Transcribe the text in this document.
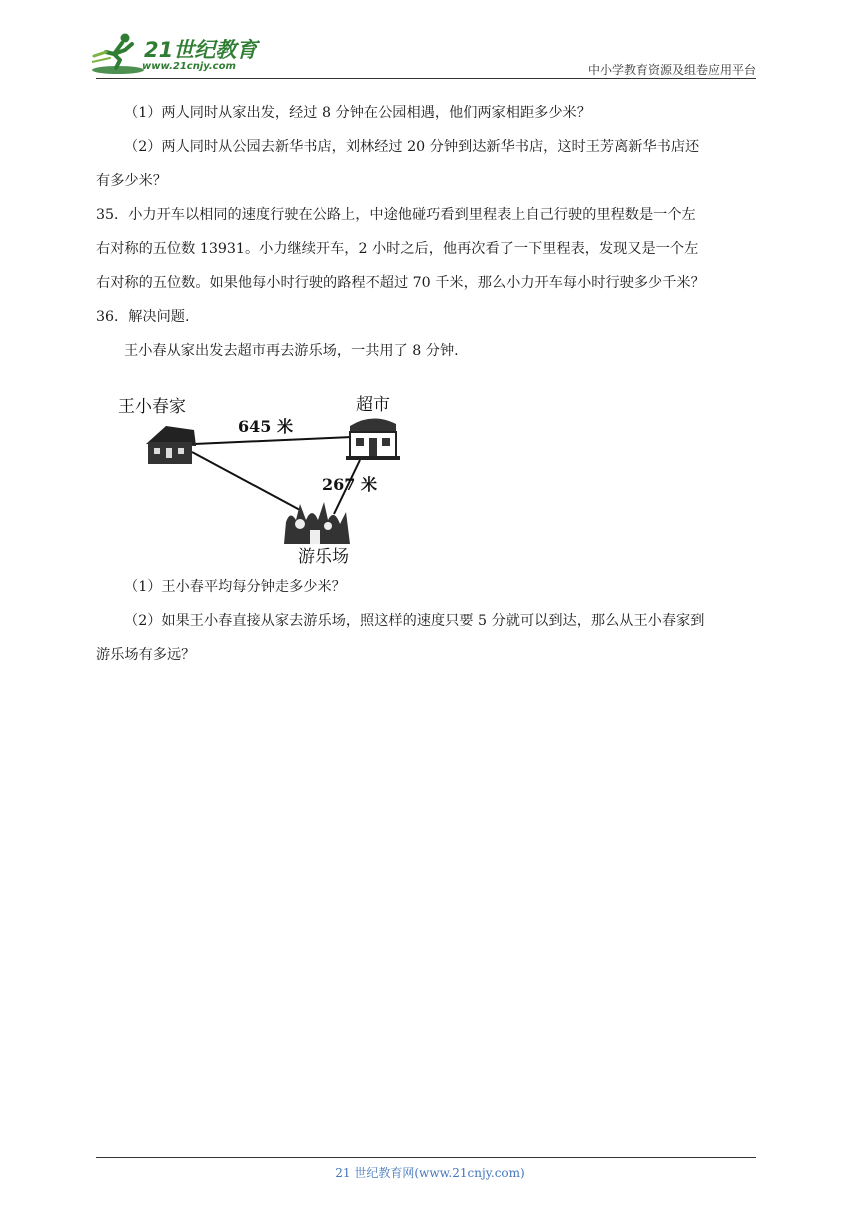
21世纪教育
www.21cnjy.com	中小学教育资源及组卷应用平台

（1）两人同时从家出发，经过 8 分钟在公园相遇，他们两家相距多少米？

（2）两人同时从公园去新华书店，刘林经过 20 分钟到达新华书店，这时王芳离新华书店还

有多少米？

35．小力开车以相同的速度行驶在公路上，中途他碰巧看到里程表上自己行驶的里程数是一个左

右对称的五位数 13931。小力继续开车，2 小时之后，他再次看了一下里程表，发现又是一个左

右对称的五位数。如果他每小时行驶的路程不超过 70 千米，那么小力开车每小时行驶多少千米？

36．解决问题.

王小春从家出发去超市再去游乐场，一共用了 8 分钟.

王小春家	超市
游乐场
645 米
267 米

（1）王小春平均每分钟走多少米？

（2）如果王小春直接从家去游乐场，照这样的速度只要 5 分就可以到达，那么从王小春家到

游乐场有多远？

21 世纪教育网(www.21cnjy.com)
